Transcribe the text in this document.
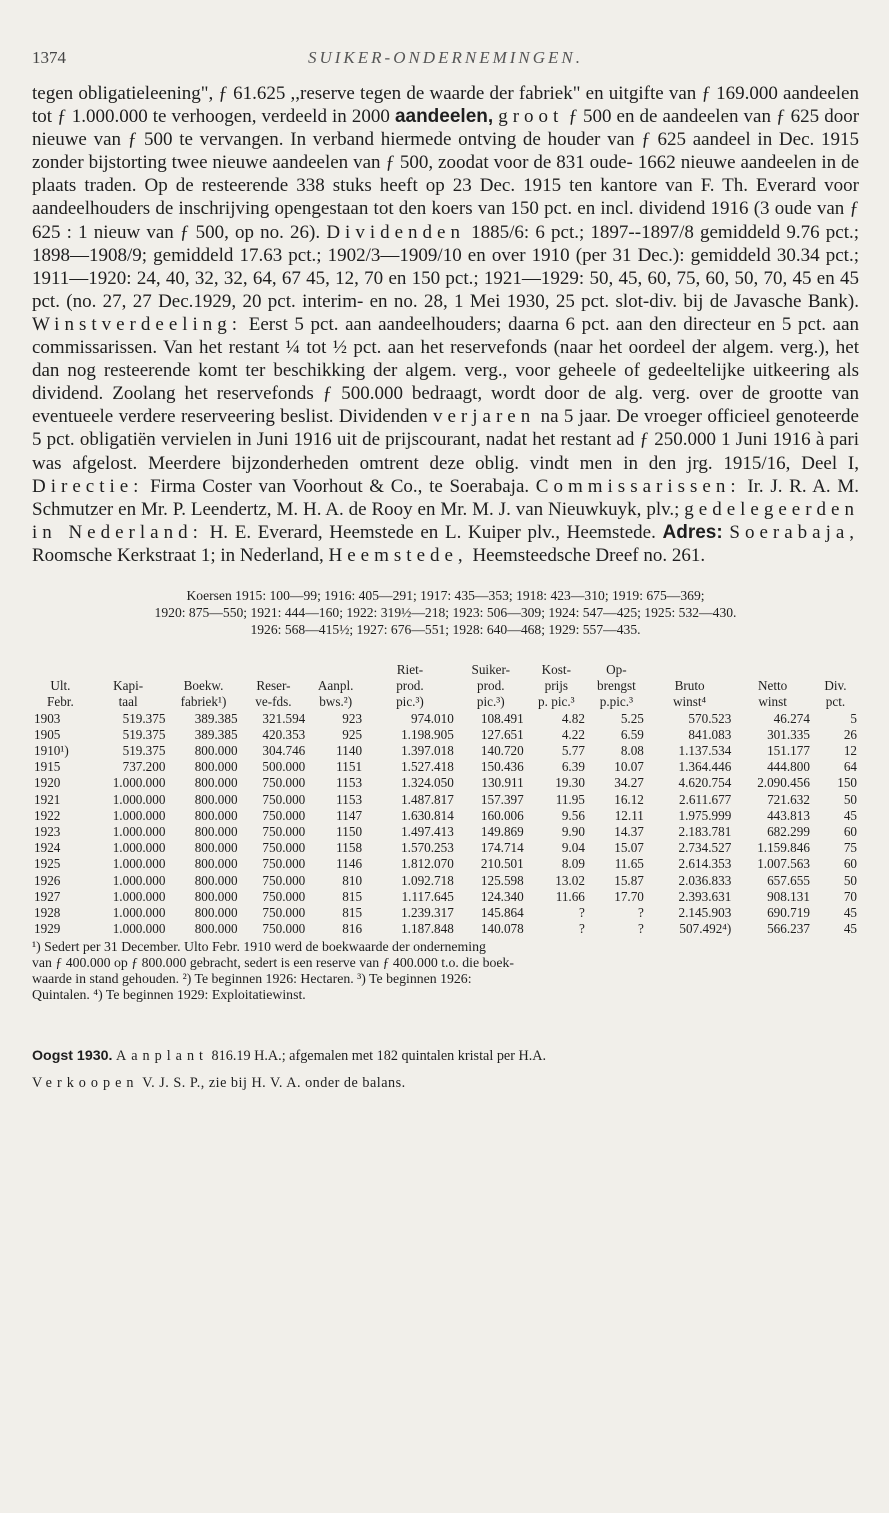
1374	SUIKER-ONDERNEMINGEN.

tegen obligatieleening", ƒ 61.625 ,,reserve tegen de waarde der fabriek" en uitgifte van ƒ 169.000 aandeelen tot ƒ 1.000.000 te verhoogen, verdeeld in 2000 aandeelen, groot ƒ 500 en de aandeelen van ƒ 625 door nieuwe van ƒ 500 te vervangen. In verband hiermede ontving de houder van ƒ 625 aandeel in Dec. 1915 zonder bijstorting twee nieuwe aandeelen van ƒ 500, zoodat voor de 831 oude- 1662 nieuwe aandeelen in de plaats traden. Op de resteerende 338 stuks heeft op 23 Dec. 1915 ten kantore van F. Th. Everard voor aandeelhouders de inschrijving opengestaan tot den koers van 150 pct. en incl. dividend 1916 (3 oude van ƒ 625 : 1 nieuw van ƒ 500, op no. 26). Dividenden 1885/6: 6 pct.; 1897--1897/8 gemiddeld 9.76 pct.; 1898—1908/9; gemiddeld 17.63 pct.; 1902/3—1909/10 en over 1910 (per 31 Dec.): gemiddeld 30.34 pct.; 1911—1920: 24, 40, 32, 32, 64, 67 45, 12, 70 en 150 pct.; 1921—1929: 50, 45, 60, 75, 60, 50, 70, 45 en 45 pct. (no. 27, 27 Dec.1929, 20 pct. interim- en no. 28, 1 Mei 1930, 25 pct. slot-div. bij de Javasche Bank). Winstverdeeling: Eerst 5 pct. aan aandeelhouders; daarna 6 pct. aan den directeur en 5 pct. aan commissarissen. Van het restant ¼ tot ½ pct. aan het reservefonds (naar het oordeel der algem. verg.), het dan nog resteerende komt ter beschikking der algem. verg., voor geheele of gedeeltelijke uitkeering als dividend. Zoolang het reservefonds ƒ 500.000 bedraagt, wordt door de alg. verg. over de grootte van eventueele verdere reserveering beslist. Dividenden verjaren na 5 jaar. De vroeger officieel genoteerde 5 pct. obligatiën vervielen in Juni 1916 uit de prijscourant, nadat het restant ad ƒ 250.000 1 Juni 1916 à pari was afgelost. Meerdere bijzonderheden omtrent deze oblig. vindt men in den jrg. 1915/16, Deel I, Directie: Firma Coster van Voorhout & Co., te Soerabaja. Commissarissen: Ir. J. R. A. M. Schmutzer en Mr. P. Leendertz, M. H. A. de Rooy en Mr. M. J. van Nieuwkuyk, plv.; gedelegeerden in Nederland: H. E. Everard, Heemstede en L. Kuiper plv., Heemstede. Adres: Soerabaja, Roomsche Kerkstraat 1; in Nederland, Heemstede, Heemsteedsche Dreef no. 261.

Koersen 1915: 100—99; 1916: 405—291; 1917: 435—353; 1918: 423—310; 1919: 675—369;
1920: 875—550; 1921: 444—160; 1922: 319½—218; 1923: 506—309; 1924: 547—425; 1925: 532—430.
1926: 568—415½; 1927: 676—551; 1928: 640—468; 1929: 557—435.
					Riet-	Suiker-	Kost-	Op-			
Ult.	Kapi-	Boekw.	Reser-	Aanpl.	prod.	prod.	prijs	brengst	Bruto	Netto	Div.
Febr.	taal	fabriek¹)	ve-fds.	bws.²)	pic.³)	pic.³)	p. pic.³	p.pic.³	winst⁴	winst	pct.
1903	519.375	389.385	321.594	923	974.010	108.491	4.82	5.25	570.523	46.274	5
1905	519.375	389.385	420.353	925	1.198.905	127.651	4.22	6.59	841.083	301.335	26
1910¹)	519.375	800.000	304.746	1140	1.397.018	140.720	5.77	8.08	1.137.534	151.177	12
1915	737.200	800.000	500.000	1151	1.527.418	150.436	6.39	10.07	1.364.446	444.800	64
1920	1.000.000	800.000	750.000	1153	1.324.050	130.911	19.30	34.27	4.620.754	2.090.456	150
1921	1.000.000	800.000	750.000	1153	1.487.817	157.397	11.95	16.12	2.611.677	721.632	50
1922	1.000.000	800.000	750.000	1147	1.630.814	160.006	9.56	12.11	1.975.999	443.813	45
1923	1.000.000	800.000	750.000	1150	1.497.413	149.869	9.90	14.37	2.183.781	682.299	60
1924	1.000.000	800.000	750.000	1158	1.570.253	174.714	9.04	15.07	2.734.527	1.159.846	75
1925	1.000.000	800.000	750.000	1146	1.812.070	210.501	8.09	11.65	2.614.353	1.007.563	60
1926	1.000.000	800.000	750.000	810	1.092.718	125.598	13.02	15.87	2.036.833	657.655	50
1927	1.000.000	800.000	750.000	815	1.117.645	124.340	11.66	17.70	2.393.631	908.131	70
1928	1.000.000	800.000	750.000	815	1.239.317	145.864	?	?	2.145.903	690.719	45
1929	1.000.000	800.000	750.000	816	1.187.848	140.078	?	?	507.492⁴)	566.237	45
¹) Sedert per 31 December. Ulto Febr. 1910 werd de boekwaarde der onderneming
van ƒ 400.000 op ƒ 800.000 gebracht, sedert is een reserve van ƒ 400.000 t.o. die boek-
waarde in stand gehouden. ²) Te beginnen 1926: Hectaren. ³) Te beginnen 1926:
Quintalen. ⁴) Te beginnen 1929: Exploitatiewinst.
Oogst 1930. Aanplant 816.19 H.A.; afgemalen met 182 quintalen kristal per H.A.
Verkoopen V. J. S. P., zie bij H. V. A. onder de balans.
